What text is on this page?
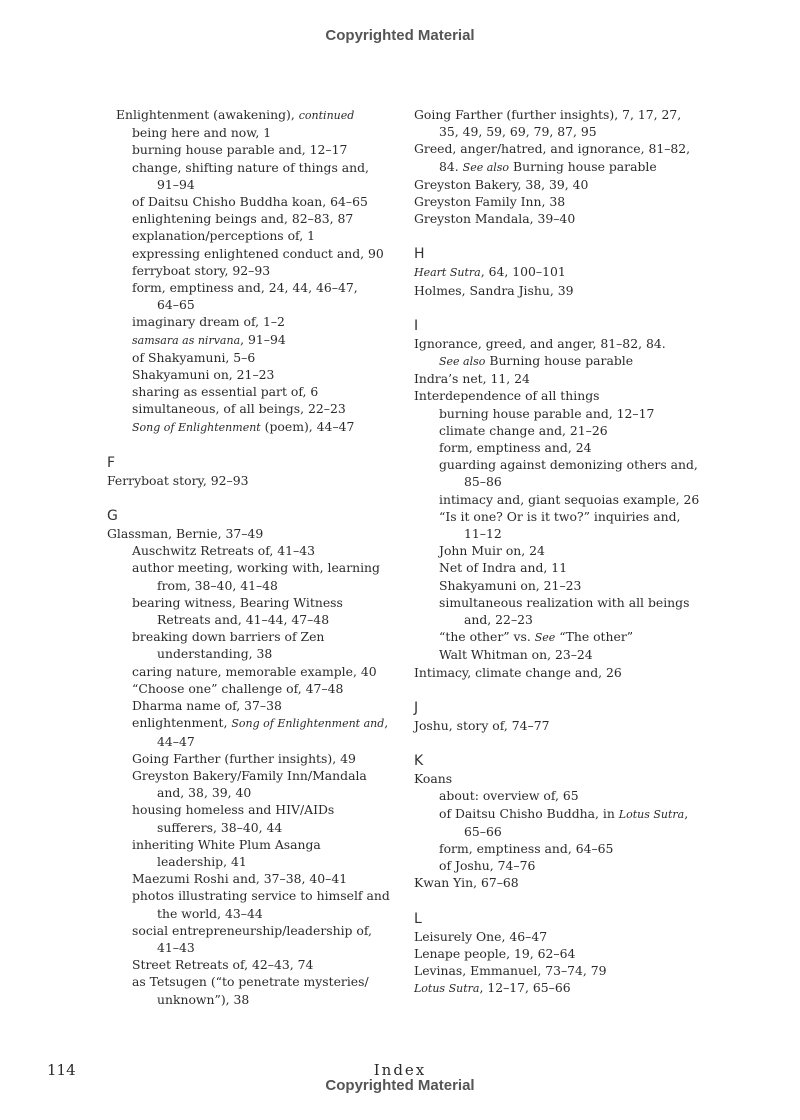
Copyrighted Material
Enlightenment (awakening), continued
being here and now, 1
burning house parable and, 12–17
change, shifting nature of things and,
91–94
of Daitsu Chisho Buddha koan, 64–65
enlightening beings and, 82–83, 87
explanation/perceptions of, 1
expressing enlightened conduct and, 90
ferryboat story, 92–93
form, emptiness and, 24, 44, 46–47,
64–65
imaginary dream of, 1–2
samsara as nirvana, 91–94
of Shakyamuni, 5–6
Shakyamuni on, 21–23
sharing as essential part of, 6
simultaneous, of all beings, 22–23
Song of Enlightenment (poem), 44–47
F
Ferryboat story, 92–93
G
Glassman, Bernie, 37–49
Auschwitz Retreats of, 41–43
author meeting, working with, learning
from, 38–40, 41–48
bearing witness, Bearing Witness
Retreats and, 41–44, 47–48
breaking down barriers of Zen
understanding, 38
caring nature, memorable example, 40
“Choose one” challenge of, 47–48
Dharma name of, 37–38
enlightenment, Song of Enlightenment and,
44–47
Going Farther (further insights), 49
Greyston Bakery/Family Inn/Mandala
and, 38, 39, 40
housing homeless and HIV/AIDs
sufferers, 38–40, 44
inheriting White Plum Asanga
leadership, 41
Maezumi Roshi and, 37–38, 40–41
photos illustrating service to himself and
the world, 43–44
social entrepreneurship/leadership of,
41–43
Street Retreats of, 42–43, 74
as Tetsugen (“to penetrate mysteries/
unknown”), 38
Going Farther (further insights), 7, 17, 27,
35, 49, 59, 69, 79, 87, 95
Greed, anger/hatred, and ignorance, 81–82,
84. See also Burning house parable
Greyston Bakery, 38, 39, 40
Greyston Family Inn, 38
Greyston Mandala, 39–40
H
Heart Sutra, 64, 100–101
Holmes, Sandra Jishu, 39
I
Ignorance, greed, and anger, 81–82, 84.
See also Burning house parable
Indra’s net, 11, 24
Interdependence of all things
burning house parable and, 12–17
climate change and, 21–26
form, emptiness and, 24
guarding against demonizing others and,
85–86
intimacy and, giant sequoias example, 26
“Is it one? Or is it two?” inquiries and,
11–12
John Muir on, 24
Net of Indra and, 11
Shakyamuni on, 21–23
simultaneous realization with all beings
and, 22–23
“the other” vs. See “The other”
Walt Whitman on, 23–24
Intimacy, climate change and, 26
J
Joshu, story of, 74–77
K
Koans
about: overview of, 65
of Daitsu Chisho Buddha, in Lotus Sutra,
65–66
form, emptiness and, 64–65
of Joshu, 74–76
Kwan Yin, 67–68
L
Leisurely One, 46–47
Lenape people, 19, 62–64
Levinas, Emmanuel, 73–74, 79
Lotus Sutra, 12–17, 65–66
114	Index
Copyrighted Material
